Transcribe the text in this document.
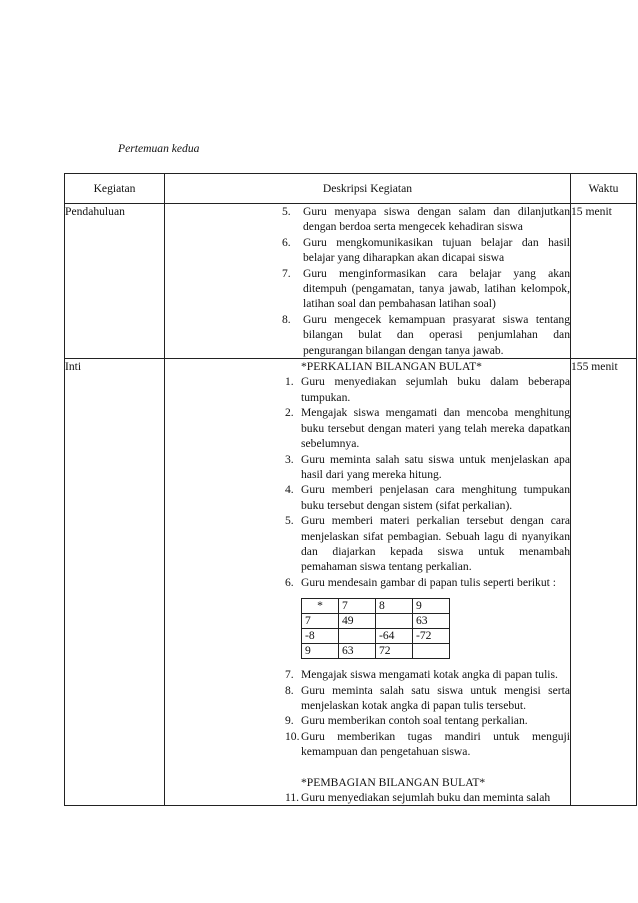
Pertemuan kedua
Kegiatan	Deskripsi Kegiatan	Waktu
Pendahuluan	5.	Guru menyapa siswa dengan salam dan dilanjutkan dengan berdoa serta mengecek kehadiran siswa
6.	Guru mengkomunikasikan tujuan belajar dan hasil belajar yang diharapkan akan dicapai siswa
7.	Guru menginformasikan cara belajar yang akan ditempuh (pengamatan, tanya jawab, latihan kelompok, latihan soal dan pembahasan latihan soal)
8.	Guru mengecek kemampuan prasyarat siswa tentang bilangan bulat dan operasi penjumlahan dan pengurangan bilangan dengan tanya jawab.
	15 menit
Inti	*PERKALIAN BILANGAN BULAT*
1. Guru menyediakan sejumlah buku dalam beberapa tumpukan.
2. Mengajak siswa mengamati dan mencoba menghitung buku tersebut dengan materi yang telah mereka dapatkan sebelumnya.
3. Guru meminta salah satu siswa untuk menjelaskan apa hasil dari yang mereka hitung.
4. Guru memberi penjelasan cara menghitung tumpukan buku tersebut dengan sistem (sifat perkalian).
5. Guru memberi materi perkalian tersebut dengan cara menjelaskan sifat pembagian. Sebuah lagu di nyanyikan dan diajarkan kepada siswa untuk menambah pemahaman siswa tentang perkalian.
6. Guru mendesain gambar di papan tulis seperti berikut :
*	7	8	9
7	49		63
-8		-64	-72
9	63	72	
7. Mengajak siswa mengamati kotak angka di papan tulis.
8. Guru meminta salah satu siswa untuk mengisi serta menjelaskan kotak angka di papan tulis tersebut.
9. Guru memberikan contoh soal tentang perkalian.
10. Guru memberikan tugas mandiri untuk menguji kemampuan dan pengetahuan siswa.
*PEMBAGIAN BILANGAN BULAT*
11. Guru menyediakan sejumlah buku dan meminta salah
	155 menit
